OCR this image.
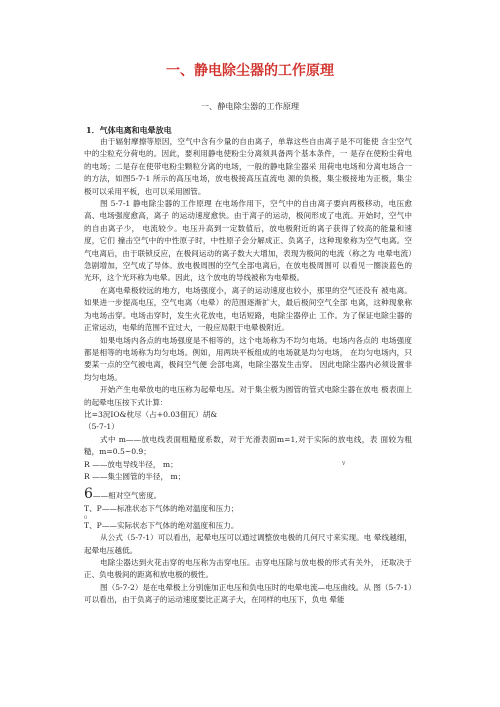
一、静电除尘器的工作原理
一、静电除尘器的工作原理
1．气体电离和电晕放电

由于辐射摩擦等原因，空气中含有少量的自由离子，单靠这些自由离子是不可能使 含尘空气中的尘粒充分荷电的。因此，要利用静电使粉尘分离须具备两个基本条件，一 是存在使粉尘荷电的电场；二是存在使带电粉尘颗粒分离的电场，一般的静电除尘器采 用荷电电场和分离电场合一的方法，如图5-7-1 所示的高压电场，放电极接高压直流电 源的负极，集尘极接地为正极，集尘极可以采用平板，也可以采用圆管。

图 5-7-1 静电除尘器的工作原理 在电场作用下，空气中的自由离子要向两极移动，电压愈高、电场强度愈高，离子 的运动速度愈快。由于离子的运动，极间形成了电流。开始时，空气中的自由离子少， 电流较少。电压升高到一定数值后，放电极附近的离子获得了较高的能量和速度，它们 撞击空气中的中性原子时，中性原子会分解成正、负离子，这种现象称为空气电离。空 气电离后，由于联锁反应，在极间运动的离子数大大增加，表现为极间的电流（称之为 电晕电流）急剧增加，空气成了导体。放电极周围的空气全部电离后，在放电极周围可 以看见一圈淡蓝色的光环，这个光环称为电晕。因此，这个放电的导线被称为电晕极。

在离电晕极较远的地方，电场强度小，离子的运动速度也较小，那里的空气还没有 被电离。如果进一步提高电压，空气电离（电晕）的范围逐渐扩大，最后极间空气全部 电离，这种现象称为电场击穿。电场击穿时，发生火花放电，电话短路，电除尘器停止 工作。为了保证电除尘器的正常运动，电晕的范围不宜过大，一般应局限于电晕极附近。

如果电场内各点的电场强度是不相等的，这个电场称为不均匀电场。电场内各点的 电场强度都是相等的电场称为均匀电场。例如，用两块平板组成的电场就是均匀电场， 在均匀电场内，只要某一点的空气被电离，极间空气便 会部电离，电除尘器发生击穿。 因此电除尘器内必须设置非均匀电场。

开始产生电晕放电的电压称为起晕电压。对于集尘极为圆管的管式电除尘器在放电 极表面上的起晕电压按下式计算：

比=3況IO&枕尽（占+0.03佃瓦）胡&

（5-7-1）

式中 m——放电线表面粗糙度系数，对于光滑表面m=1,对于实际的放电线，表 面较为粗糙，m=0.5~0.9；

R ——放电导线半径， m；

R ——集尘圆管的半径， m；

6——相对空气密度。

T、P——标准状态下气体的绝对温度和压力；

0

T、P——实际状态下气体的绝对温度和压力。

从公式（5-7-1）可以看出，起晕电压可以通过调整放电极的几何尺寸来实现。电 晕线越细，起晕电压越低。

电除尘器达到火花击穿的电压称为击穿电压。击穿电压除与放电极的形式有关外， 还取决于正、负电极间的距离和放电极的极性。

图（5-7-2）是在电晕极上分别施加正电压和负电压时的电晕电流—电压曲线。从 图（5-7-1）可以看出，由于负离子的运动速度要比正离子大，在同样的电压下，负电 晕能

v
